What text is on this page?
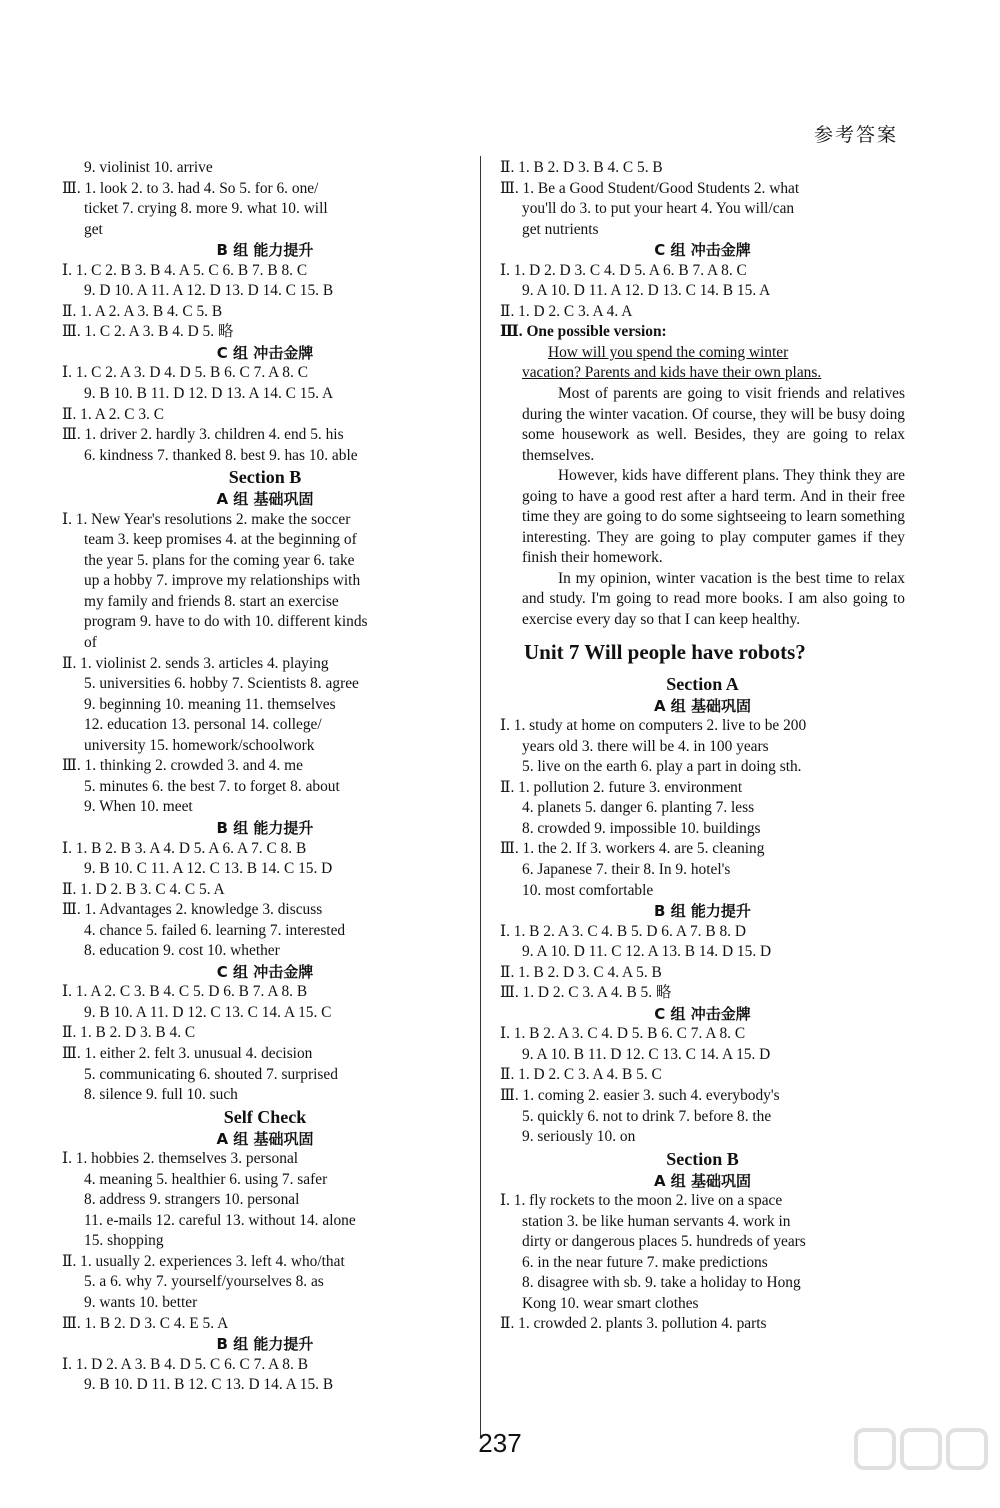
参考答案
9. violinist 10. arrive
Ⅲ. 1. look 2. to 3. had 4. So 5. for 6. one/
ticket 7. crying 8. more 9. what 10. will
get
B 组 能力提升
Ⅰ. 1. C 2. B 3. B 4. A 5. C 6. B 7. B 8. C
9. D 10. A 11. A 12. D 13. D 14. C 15. B
Ⅱ. 1. A 2. A 3. B 4. C 5. B
Ⅲ. 1. C 2. A 3. B 4. D 5. 略
C 组 冲击金牌
Ⅰ. 1. C 2. A 3. D 4. D 5. B 6. C 7. A 8. C
9. B 10. B 11. D 12. D 13. A 14. C 15. A
Ⅱ. 1. A 2. C 3. C
Ⅲ. 1. driver 2. hardly 3. children 4. end 5. his
6. kindness 7. thanked 8. best 9. has 10. able
Section B
A 组 基础巩固
Ⅰ. 1. New Year's resolutions 2. make the soccer
team 3. keep promises 4. at the beginning of
the year 5. plans for the coming year 6. take
up a hobby 7. improve my relationships with
my family and friends 8. start an exercise
program 9. have to do with 10. different kinds
of
Ⅱ. 1. violinist 2. sends 3. articles 4. playing
5. universities 6. hobby 7. Scientists 8. agree
9. beginning 10. meaning 11. themselves
12. education 13. personal 14. college/
university 15. homework/schoolwork
Ⅲ. 1. thinking 2. crowded 3. and 4. me
5. minutes 6. the best 7. to forget 8. about
9. When 10. meet
B 组 能力提升
Ⅰ. 1. B 2. B 3. A 4. D 5. A 6. A 7. C 8. B
9. B 10. C 11. A 12. C 13. B 14. C 15. D
Ⅱ. 1. D 2. B 3. C 4. C 5. A
Ⅲ. 1. Advantages 2. knowledge 3. discuss
4. chance 5. failed 6. learning 7. interested
8. education 9. cost 10. whether
C 组 冲击金牌
Ⅰ. 1. A 2. C 3. B 4. C 5. D 6. B 7. A 8. B
9. B 10. A 11. D 12. C 13. C 14. A 15. C
Ⅱ. 1. B 2. D 3. B 4. C
Ⅲ. 1. either 2. felt 3. unusual 4. decision
5. communicating 6. shouted 7. surprised
8. silence 9. full 10. such
Self Check
A 组 基础巩固
Ⅰ. 1. hobbies 2. themselves 3. personal
4. meaning 5. healthier 6. using 7. safer
8. address 9. strangers 10. personal
11. e-mails 12. careful 13. without 14. alone
15. shopping
Ⅱ. 1. usually 2. experiences 3. left 4. who/that
5. a 6. why 7. yourself/yourselves 8. as
9. wants 10. better
Ⅲ. 1. B 2. D 3. C 4. E 5. A
B 组 能力提升
Ⅰ. 1. D 2. A 3. B 4. D 5. C 6. C 7. A 8. B
9. B 10. D 11. B 12. C 13. D 14. A 15. B
Ⅱ. 1. B 2. D 3. B 4. C 5. B
Ⅲ. 1. Be a Good Student/Good Students 2. what
you'll do 3. to put your heart 4. You will/can
get nutrients
C 组 冲击金牌
Ⅰ. 1. D 2. D 3. C 4. D 5. A 6. B 7. A 8. C
9. A 10. D 11. A 12. D 13. C 14. B 15. A
Ⅱ. 1. D 2. C 3. A 4. A
Ⅲ. One possible version:
How will you spend the coming winter
vacation? Parents and kids have their own plans.

Most of parents are going to visit friends and relatives during the winter vacation. Of course, they will be busy doing some housework as well. Besides, they are going to relax themselves.

However, kids have different plans. They think they are going to have a good rest after a hard term. And in their free time they are going to do some sightseeing to learn something interesting. They are going to play computer games if they finish their homework.

In my opinion, winter vacation is the best time to relax and study. I'm going to read more books. I am also going to exercise every day so that I can keep healthy.

Unit 7 Will people have robots?
Section A
A 组 基础巩固
Ⅰ. 1. study at home on computers 2. live to be 200
years old 3. there will be 4. in 100 years
5. live on the earth 6. play a part in doing sth.
Ⅱ. 1. pollution 2. future 3. environment
4. planets 5. danger 6. planting 7. less
8. crowded 9. impossible 10. buildings
Ⅲ. 1. the 2. If 3. workers 4. are 5. cleaning
6. Japanese 7. their 8. In 9. hotel's
10. most comfortable
B 组 能力提升
Ⅰ. 1. B 2. A 3. C 4. B 5. D 6. A 7. B 8. D
9. A 10. D 11. C 12. A 13. B 14. D 15. D
Ⅱ. 1. B 2. D 3. C 4. A 5. B
Ⅲ. 1. D 2. C 3. A 4. B 5. 略
C 组 冲击金牌
Ⅰ. 1. B 2. A 3. C 4. D 5. B 6. C 7. A 8. C
9. A 10. B 11. D 12. C 13. C 14. A 15. D
Ⅱ. 1. D 2. C 3. A 4. B 5. C
Ⅲ. 1. coming 2. easier 3. such 4. everybody's
5. quickly 6. not to drink 7. before 8. the
9. seriously 10. on
Section B
A 组 基础巩固
Ⅰ. 1. fly rockets to the moon 2. live on a space
station 3. be like human servants 4. work in
dirty or dangerous places 5. hundreds of years
6. in the near future 7. make predictions
8. disagree with sb. 9. take a holiday to Hong
Kong 10. wear smart clothes
Ⅱ. 1. crowded 2. plants 3. pollution 4. parts
237
